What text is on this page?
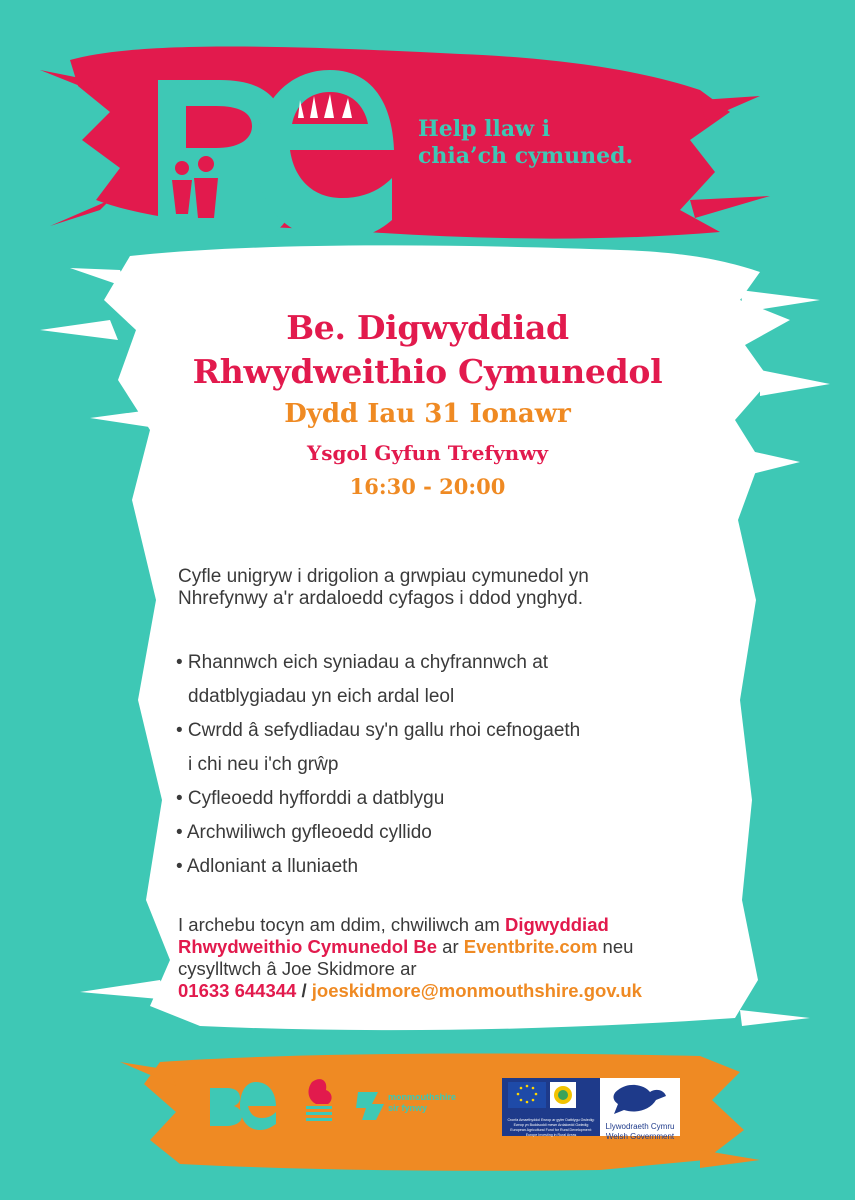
Help llaw i
chia’ch cymuned.

Be. Digwyddiad
Rhwydweithio Cymunedol
Dydd Iau 31 Ionawr
Ysgol Gyfun Trefynwy
16:30 - 20:00

Cyfle unigryw i drigolion a grwpiau cymunedol yn

Nhrefynwy a'r ardaloedd cyfagos i ddod ynghyd.

• Rhannwch eich syniadau a chyfrannwch at
ddatblygiadau yn eich ardal leol
• Cwrdd â sefydliadau sy'n gallu rhoi cefnogaeth
i chi neu i'ch grŵp
• Cyfleoedd hyfforddi a datblygu
• Archwiliwch gyfleoedd cyllido
• Adloniant a lluniaeth
I archebu tocyn am ddim, chwiliwch am Digwyddiad
Rhwydweithio Cymunedol Be ar Eventbrite.com neu
cysylltwch â Joe Skidmore ar
01633 644344 / joeskidmore@monmouthshire.gov.uk
monmouthshire
sir fynwy
Cronfa Amaethyddol Ewrop ar gyfer Datblygu Gwledig:
Ewrop yn Buddsoddi mewn Ardaloedd Gwledig
European Agricultural Fund for Rural Development:
Europe Investing in Rural Areas
Llywodraeth Cymru
Welsh Government
